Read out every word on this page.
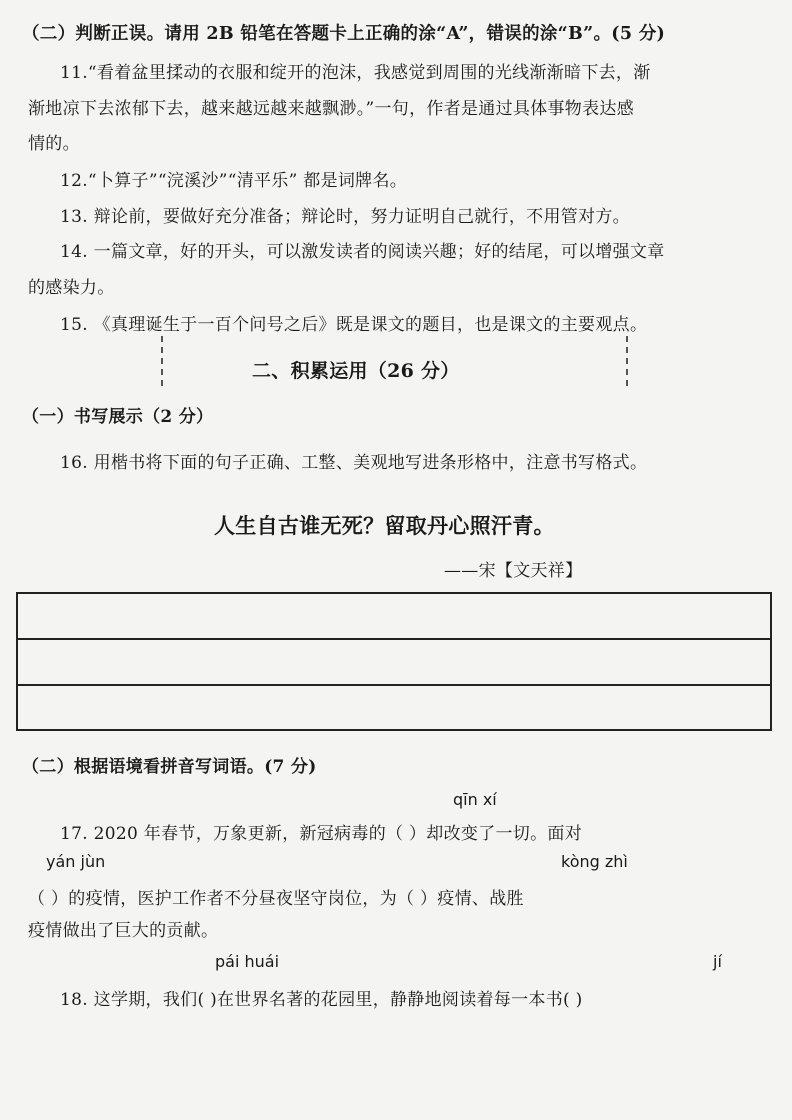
（二）判断正误。请用 2B 铅笔在答题卡上正确的涂“A”，错误的涂“B”。(5 分)
11.“看着盆里揉动的衣服和绽开的泡沫，我感觉到周围的光线渐渐暗下去，渐
渐地凉下去浓郁下去，越来越远越来越飘渺。”一句，作者是通过具体事物表达感
情的。
12.“卜算子”“浣溪沙”“清平乐” 都是词牌名。
13. 辩论前，要做好充分准备；辩论时，努力证明自己就行，不用管对方。
14. 一篇文章，好的开头，可以激发读者的阅读兴趣；好的结尾，可以增强文章
的感染力。
15. 《真理诞生于一百个问号之后》既是课文的题目，也是课文的主要观点。
二、积累运用（26 分）
（一）书写展示（2 分）
16. 用楷书将下面的句子正确、工整、美观地写进条形格中，注意书写格式。
人生自古谁无死？留取丹心照汗青。
——宋【文天祥】
（二）根据语境看拼音写词语。(7 分)
qīn xí
17. 2020 年春节，万象更新，新冠病毒的（ ）却改变了一切。面对
yán jùn	kòng zhì
（ ）的疫情，医护工作者不分昼夜坚守岗位，为（ ）疫情、战胜
疫情做出了巨大的贡献。
pái huái	jí
18. 这学期，我们( )在世界名著的花园里，静静地阅读着每一本书( )
